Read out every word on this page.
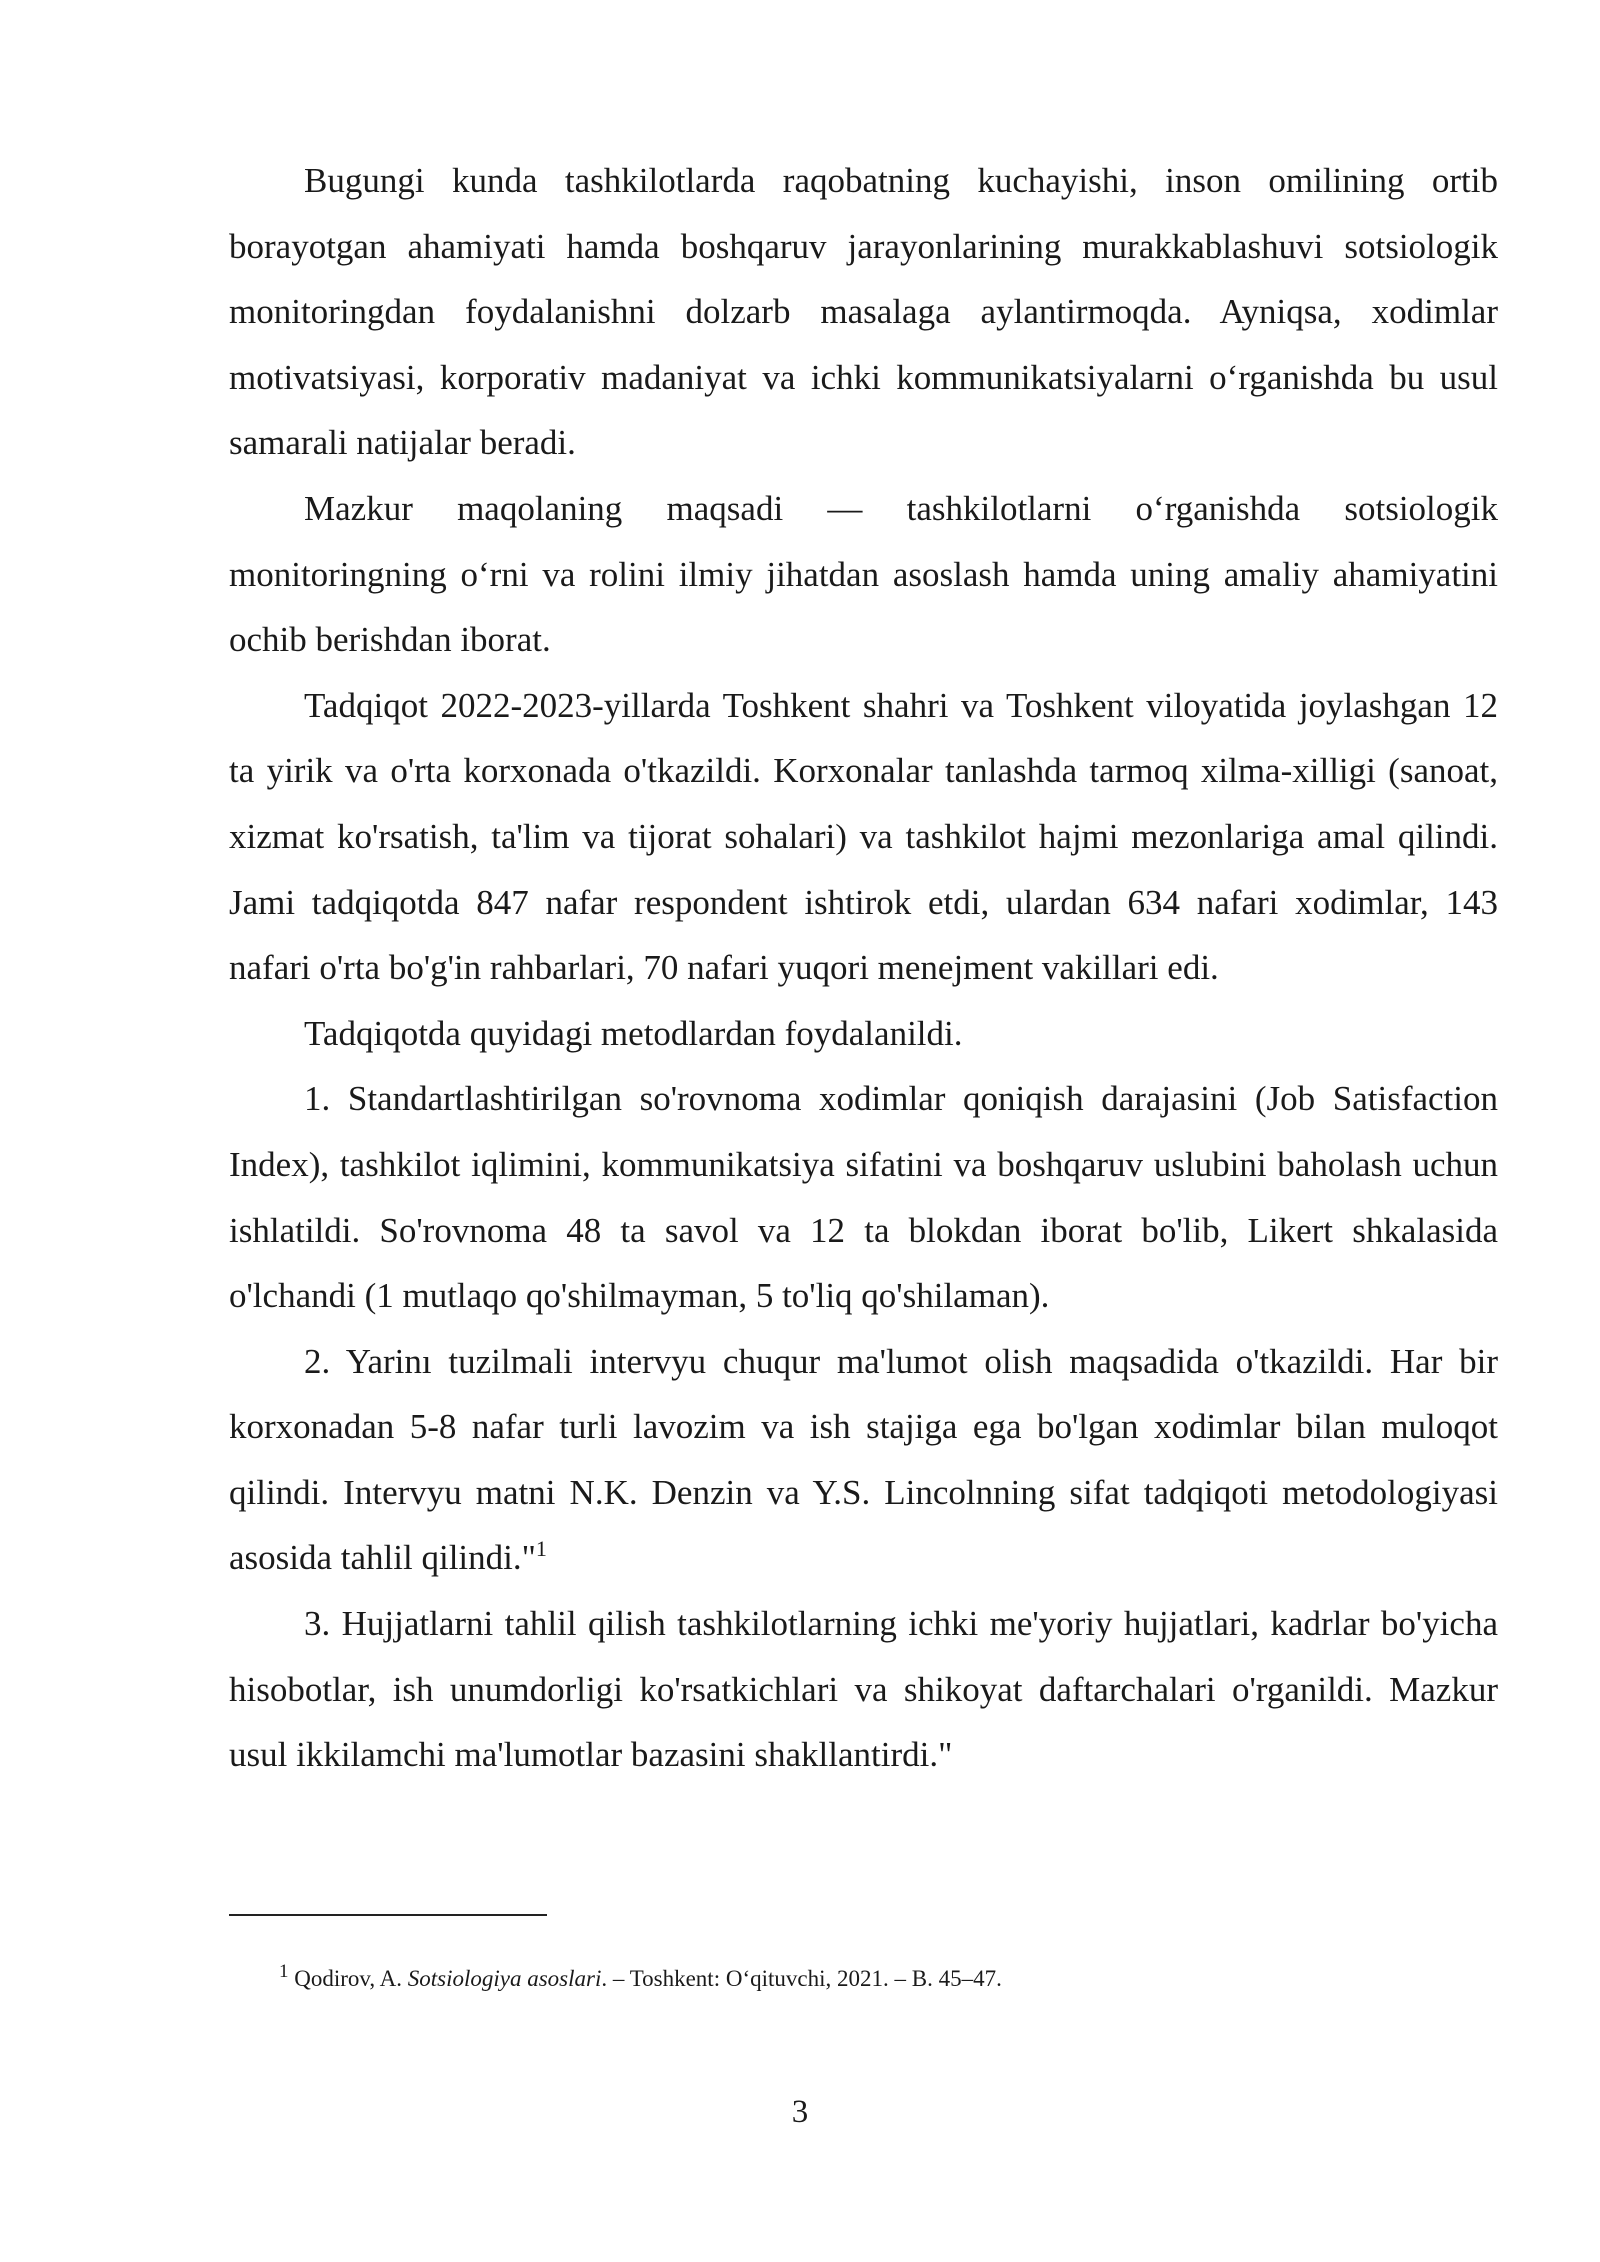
Bugungi kunda tashkilotlarda raqobatning kuchayishi, inson omilining ortib borayotgan ahamiyati hamda boshqaruv jarayonlarining murakkablashuvi sotsiologik monitoringdan foydalanishni dolzarb masalaga aylantirmoqda. Ayniqsa, xodimlar motivatsiyasi, korporativ madaniyat va ichki kommunikatsiyalarni o‘rganishda bu usul samarali natijalar beradi.

Mazkur maqolaning maqsadi — tashkilotlarni o‘rganishda sotsiologik monitoringning o‘rni va rolini ilmiy jihatdan asoslash hamda uning amaliy ahamiyatini ochib berishdan iborat.

Tadqiqot 2022-2023-yillarda Toshkent shahri va Toshkent viloyatida joylashgan 12 ta yirik va o'rta korxonada o'tkazildi. Korxonalar tanlashda tarmoq xilma-xilligi (sanoat, xizmat ko'rsatish, ta'lim va tijorat sohalari) va tashkilot hajmi mezonlariga amal qilindi. Jami tadqiqotda 847 nafar respondent ishtirok etdi, ulardan 634 nafari xodimlar, 143 nafari o'rta bo'g'in rahbarlari, 70 nafari yuqori menejment vakillari edi.

Tadqiqotda quyidagi metodlardan foydalanildi.

1. Standartlashtirilgan so'rovnoma xodimlar qoniqish darajasini (Job Satisfaction Index), tashkilot iqlimini, kommunikatsiya sifatini va boshqaruv uslubini baholash uchun ishlatildi. So'rovnoma 48 ta savol va 12 ta blokdan iborat bo'lib, Likert shkalasida o'lchandi (1 mutlaqo qo'shilmayman, 5 to'liq qo'shilaman).

2. Yarinı tuzilmali intervyu chuqur ma'lumot olish maqsadida o'tkazildi. Har bir korxonadan 5-8 nafar turli lavozim va ish stajiga ega bo'lgan xodimlar bilan muloqot qilindi. Intervyu matni N.K. Denzin va Y.S. Lincolnning sifat tadqiqoti metodologiyasi asosida tahlil qilindi."$^1$

3. Hujjatlarni tahlil qilish tashkilotlarning ichki me'yoriy hujjatlari, kadrlar bo'yicha hisobotlar, ish unumdorligi ko'rsatkichlari va shikoyat daftarchalari o'rganildi. Mazkur usul ikkilamchi ma'lumotlar bazasini shakllantirdi."

$^1$ Qodirov, A. Sotsiologiya asoslari. – Toshkent: O‘qituvchi, 2021. – B. 45–47.
3
